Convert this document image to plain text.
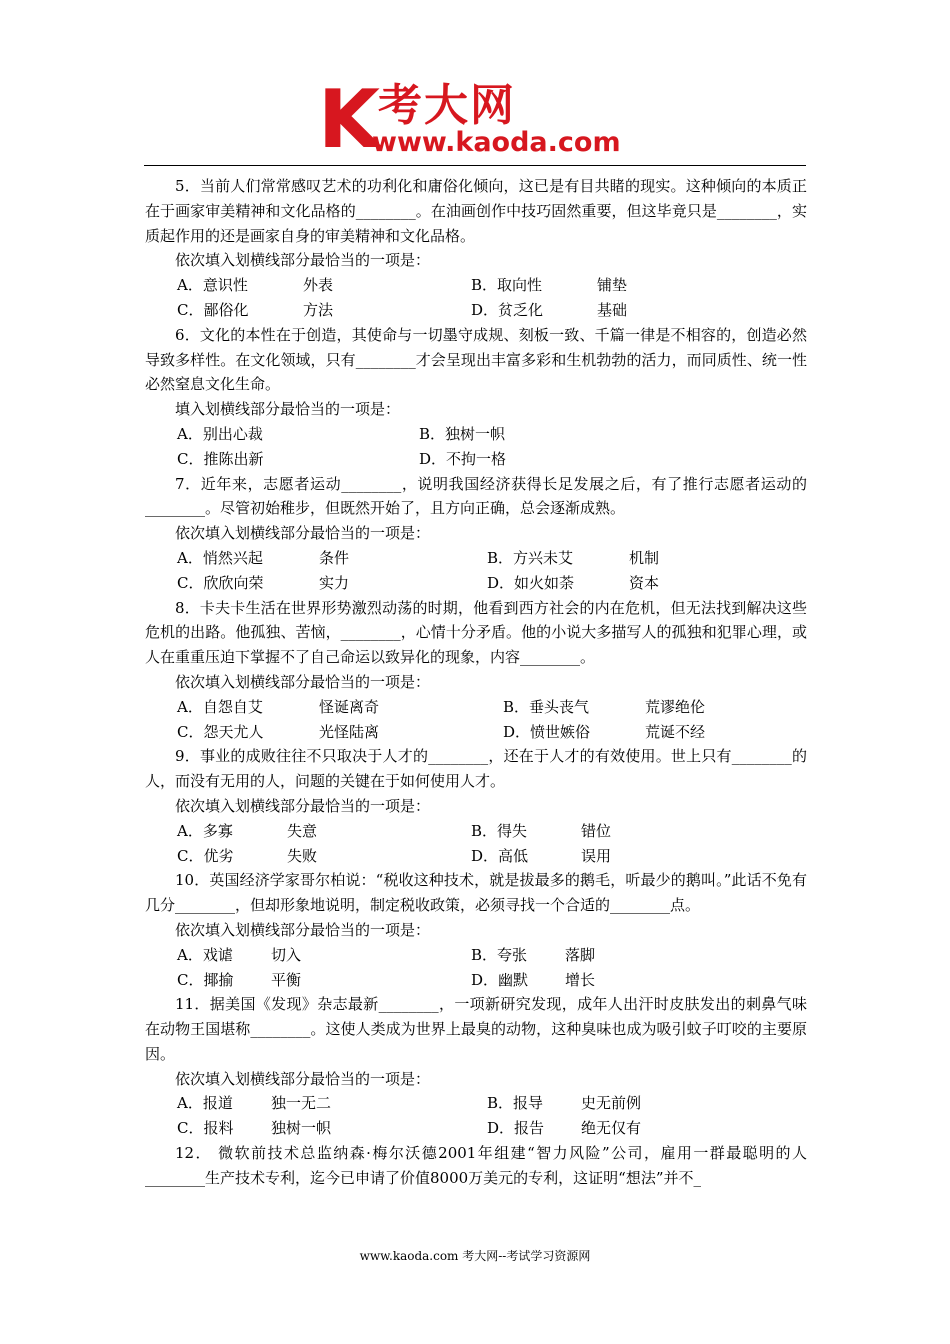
K
考大网
www.kaoda.com

5．当前人们常常感叹艺术的功利化和庸俗化倾向，这已是有目共睹的现实。这种倾向的本质正在于画家审美精神和文化品格的________。在油画创作中技巧固然重要，但这毕竟只是________，实质起作用的还是画家自身的审美精神和文化品格。

依次填入划横线部分最恰当的一项是：

A．意识性	外表	B．取向性	铺垫
C．鄙俗化	方法	D．贫乏化	基础

6．文化的本性在于创造，其使命与一切墨守成规、刻板一致、千篇一律是不相容的，创造必然导致多样性。在文化领域，只有________才会呈现出丰富多彩和生机勃勃的活力，而同质性、统一性必然窒息文化生命。

填入划横线部分最恰当的一项是：

A．别出心裁	B．独树一帜
C．推陈出新	D．不拘一格

7．近年来，志愿者运动________，说明我国经济获得长足发展之后，有了推行志愿者运动的________。尽管初始稚步，但既然开始了，且方向正确，总会逐渐成熟。

依次填入划横线部分最恰当的一项是：

A．悄然兴起	条件	B．方兴未艾	机制
C．欣欣向荣	实力	D．如火如荼	资本

8．卡夫卡生活在世界形势激烈动荡的时期，他看到西方社会的内在危机，但无法找到解决这些危机的出路。他孤独、苦恼，________，心情十分矛盾。他的小说大多描写人的孤独和犯罪心理，或人在重重压迫下掌握不了自己命运以致异化的现象，内容________。

依次填入划横线部分最恰当的一项是：

A．自怨自艾	怪诞离奇	B．垂头丧气	荒谬绝伦
C．怨天尤人	光怪陆离	D．愤世嫉俗	荒诞不经

9．事业的成败往往不只取决于人才的________，还在于人才的有效使用。世上只有________的人，而没有无用的人，问题的关键在于如何使用人才。

依次填入划横线部分最恰当的一项是：

A．多寡	失意	B．得失	错位
C．优劣	失败	D．高低	误用

10．英国经济学家哥尔柏说：“税收这种技术，就是拔最多的鹅毛，听最少的鹅叫。”此话不免有几分________，但却形象地说明，制定税收政策，必须寻找一个合适的________点。

依次填入划横线部分最恰当的一项是：

A．戏谑	切入	B．夸张	落脚
C．揶揄	平衡	D．幽默	增长

11．据美国《发现》杂志最新________，一项新研究发现，成年人出汗时皮肤发出的刺鼻气味在动物王国堪称________。这使人类成为世界上最臭的动物，这种臭味也成为吸引蚊子叮咬的主要原因。

依次填入划横线部分最恰当的一项是：

A．报道	独一无二	B．报导	史无前例
C．报料	独树一帜	D．报告	绝无仅有

12． 微软前技术总监纳森·梅尔沃德2001年组建“智力风险”公司，雇用一群最聪明的人________生产技术专利，迄今已申请了价值8000万美元的专利，这证明“想法”并不_

www.kaoda.com 考大网--考试学习资源网
